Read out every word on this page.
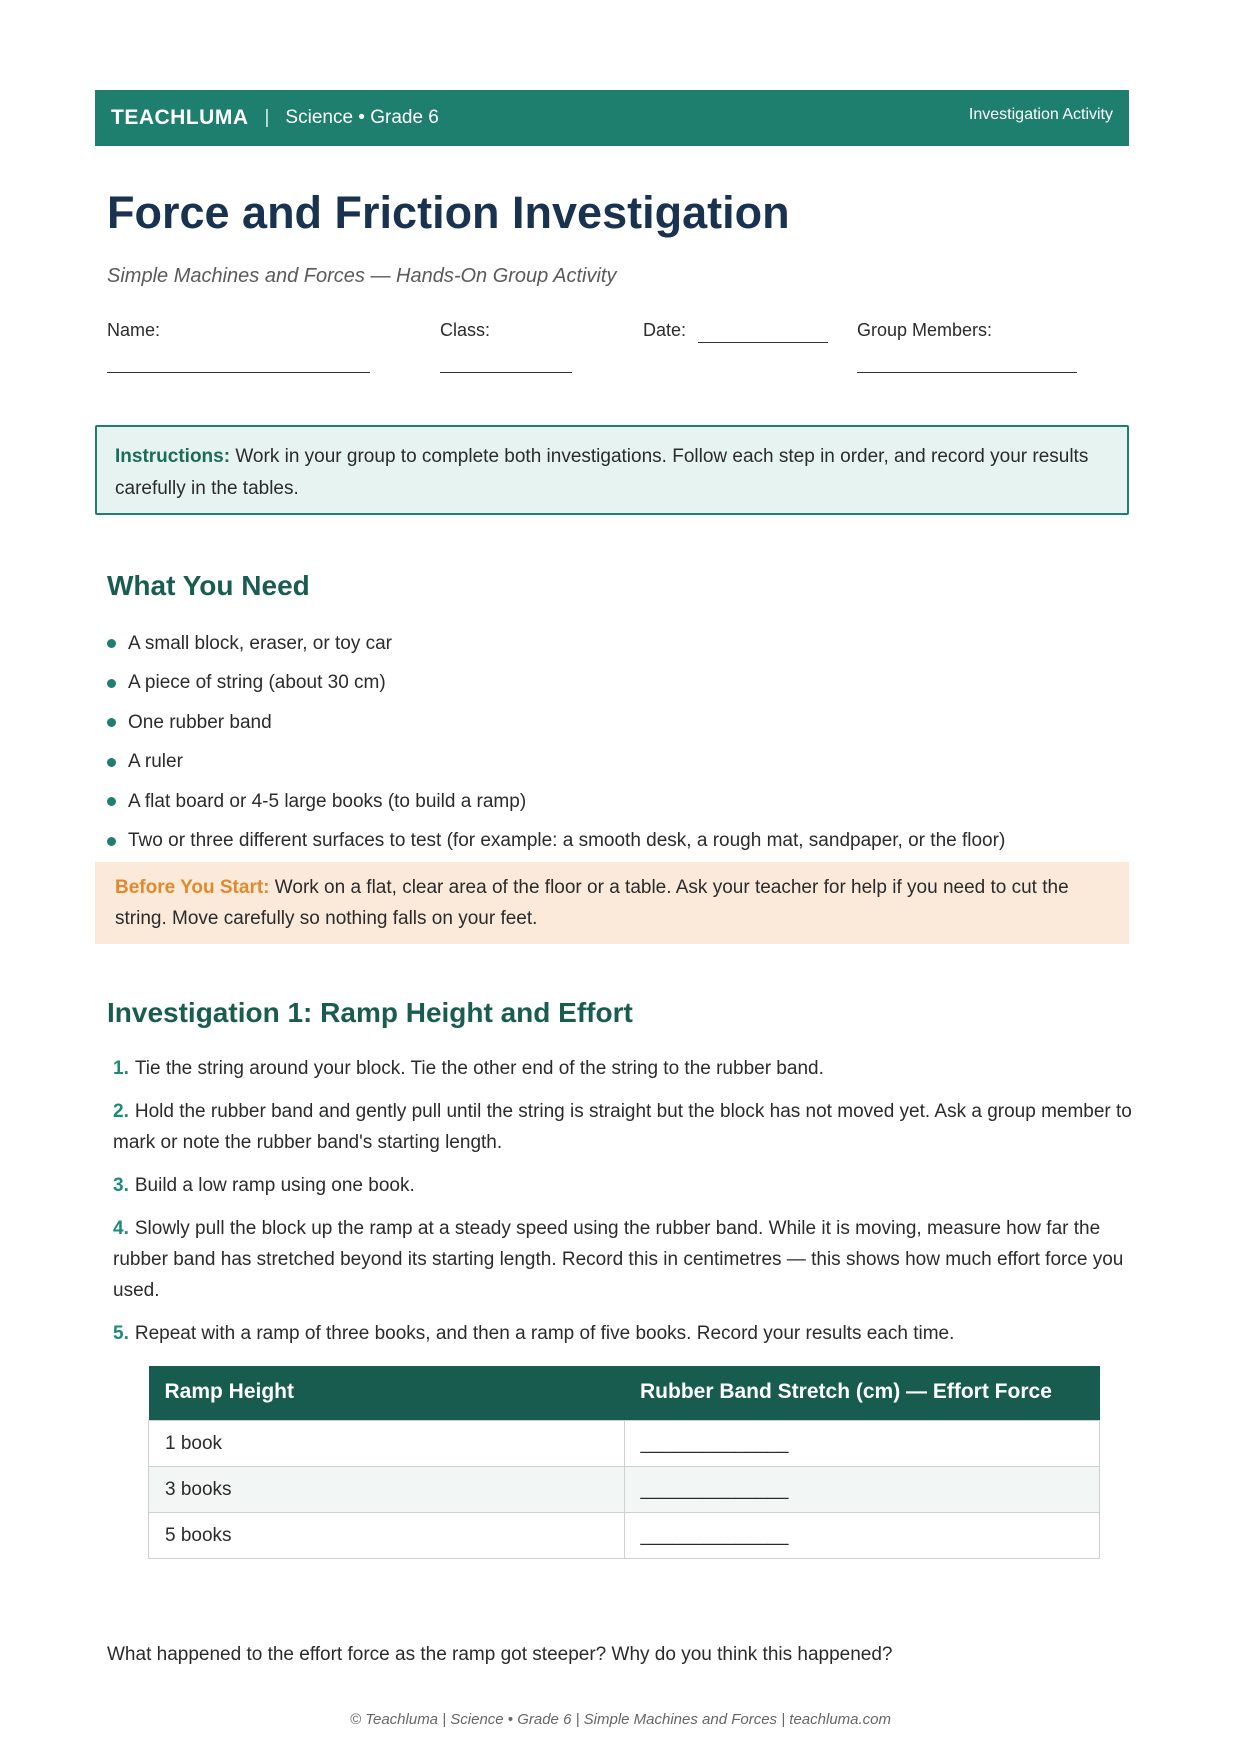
TEACHLUMA | Science • Grade 6	Investigation Activity
Force and Friction Investigation
Simple Machines and Forces — Hands-On Group Activity
Name:	Class:	Date:	Group Members:
Instructions: Work in your group to complete both investigations. Follow each step in order, and record your results carefully in the tables.
What You Need
A small block, eraser, or toy car
A piece of string (about 30 cm)
One rubber band
A ruler
A flat board or 4-5 large books (to build a ramp)
Two or three different surfaces to test (for example: a smooth desk, a rough mat, sandpaper, or the floor)
Before You Start: Work on a flat, clear area of the floor or a table. Ask your teacher for help if you need to cut the string. Move carefully so nothing falls on your feet.
Investigation 1: Ramp Height and Effort
1. Tie the string around your block. Tie the other end of the string to the rubber band.
2. Hold the rubber band and gently pull until the string is straight but the block has not moved yet. Ask a group member to mark or note the rubber band's starting length.
3. Build a low ramp using one book.
4. Slowly pull the block up the ramp at a steady speed using the rubber band. While it is moving, measure how far the rubber band has stretched beyond its starting length. Record this in centimetres — this shows how much effort force you used.
5. Repeat with a ramp of three books, and then a ramp of five books. Record your results each time.
Ramp Height	Rubber Band Stretch (cm) — Effort Force
1 book	______________
3 books	______________
5 books	______________
What happened to the effort force as the ramp got steeper? Why do you think this happened?
© Teachluma | Science • Grade 6 | Simple Machines and Forces | teachluma.com
